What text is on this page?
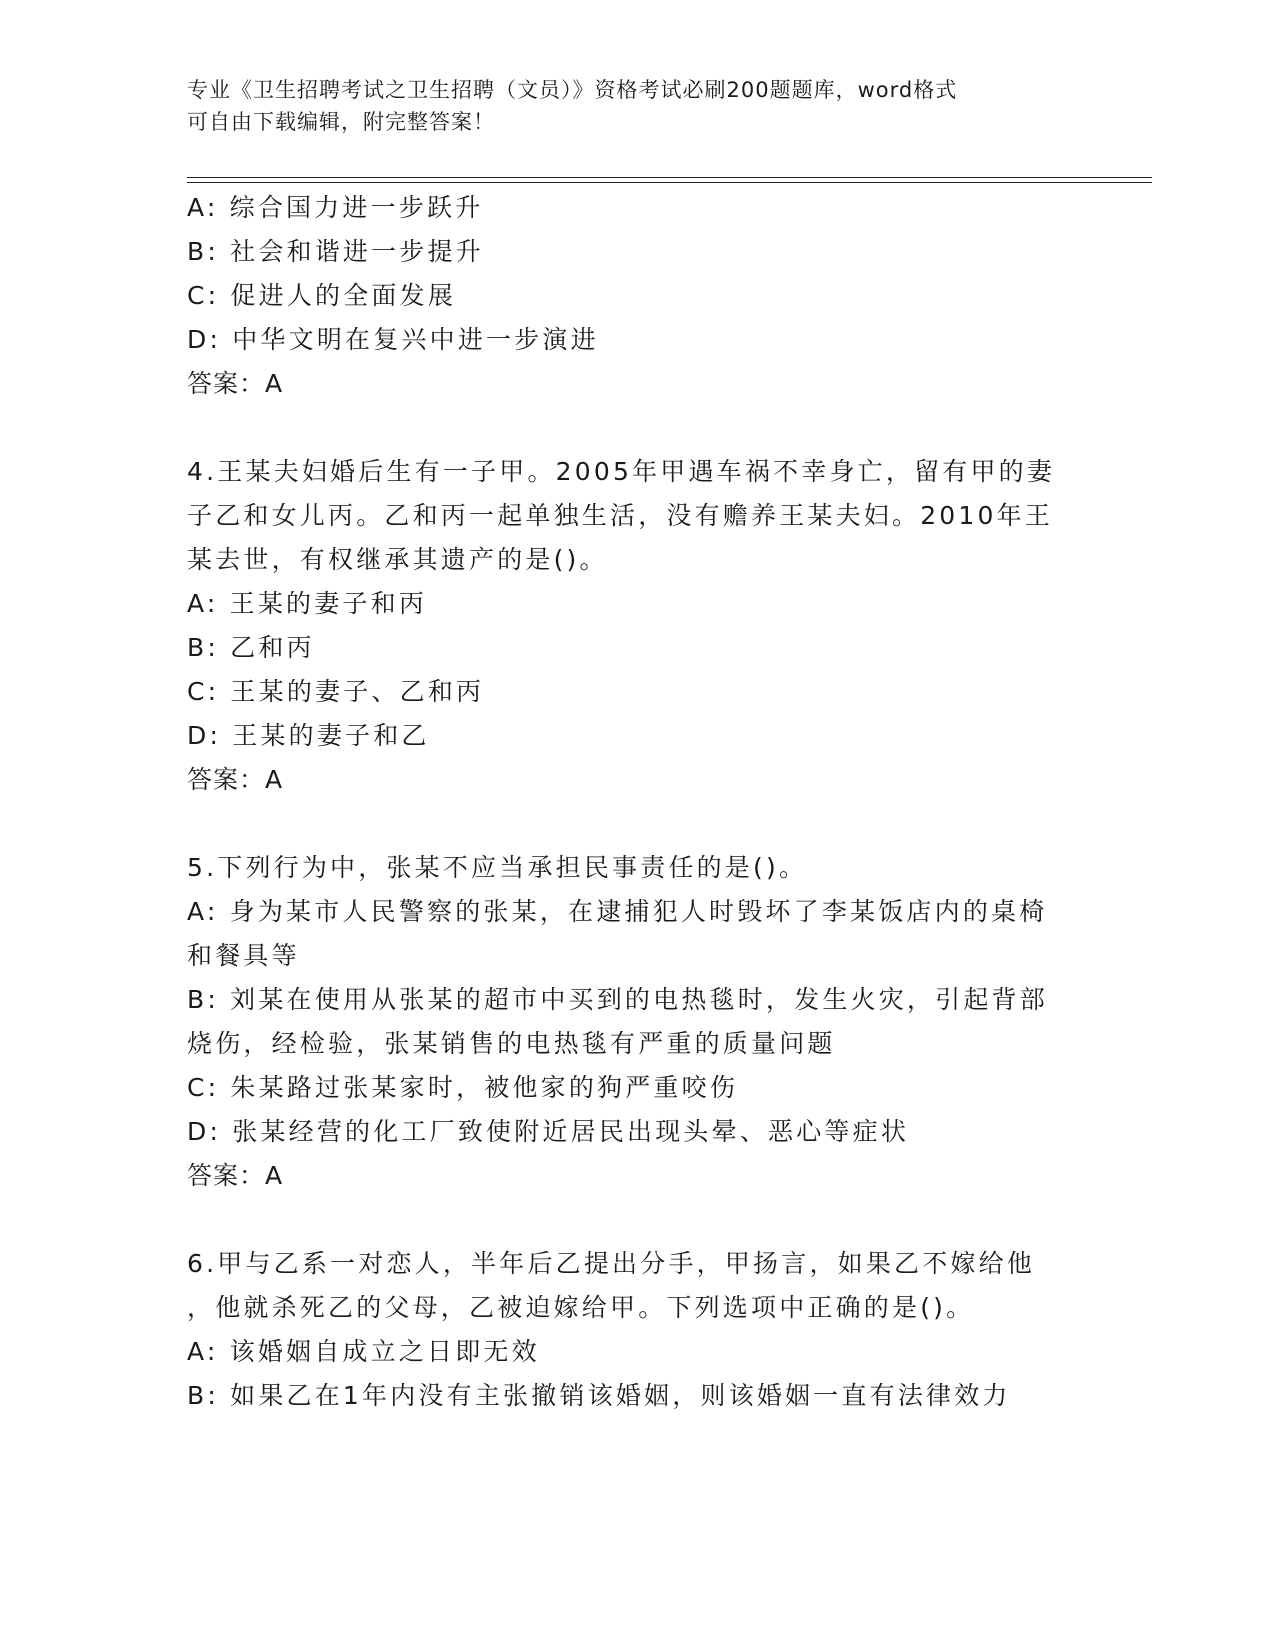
专业《卫生招聘考试之卫生招聘（文员）》资格考试必刷200题题库，word格式
可自由下载编辑，附完整答案！
A: 综合国力进一步跃升
B: 社会和谐进一步提升
C: 促进人的全面发展
D: 中华文明在复兴中进一步演进
答案：A
4.王某夫妇婚后生有一子甲。2005年甲遇车祸不幸身亡，留有甲的妻
子乙和女儿丙。乙和丙一起单独生活，没有赡养王某夫妇。2010年王
某去世，有权继承其遗产的是()。
A: 王某的妻子和丙
B: 乙和丙
C: 王某的妻子、乙和丙
D: 王某的妻子和乙
答案：A
5.下列行为中，张某不应当承担民事责任的是()。
A: 身为某市人民警察的张某，在逮捕犯人时毁坏了李某饭店内的桌椅
和餐具等
B: 刘某在使用从张某的超市中买到的电热毯时，发生火灾，引起背部
烧伤，经检验，张某销售的电热毯有严重的质量问题
C: 朱某路过张某家时，被他家的狗严重咬伤
D: 张某经营的化工厂致使附近居民出现头晕、恶心等症状
答案：A
6.甲与乙系一对恋人，半年后乙提出分手，甲扬言，如果乙不嫁给他
，他就杀死乙的父母，乙被迫嫁给甲。下列选项中正确的是()。
A: 该婚姻自成立之日即无效
B: 如果乙在1年内没有主张撤销该婚姻，则该婚姻一直有法律效力
